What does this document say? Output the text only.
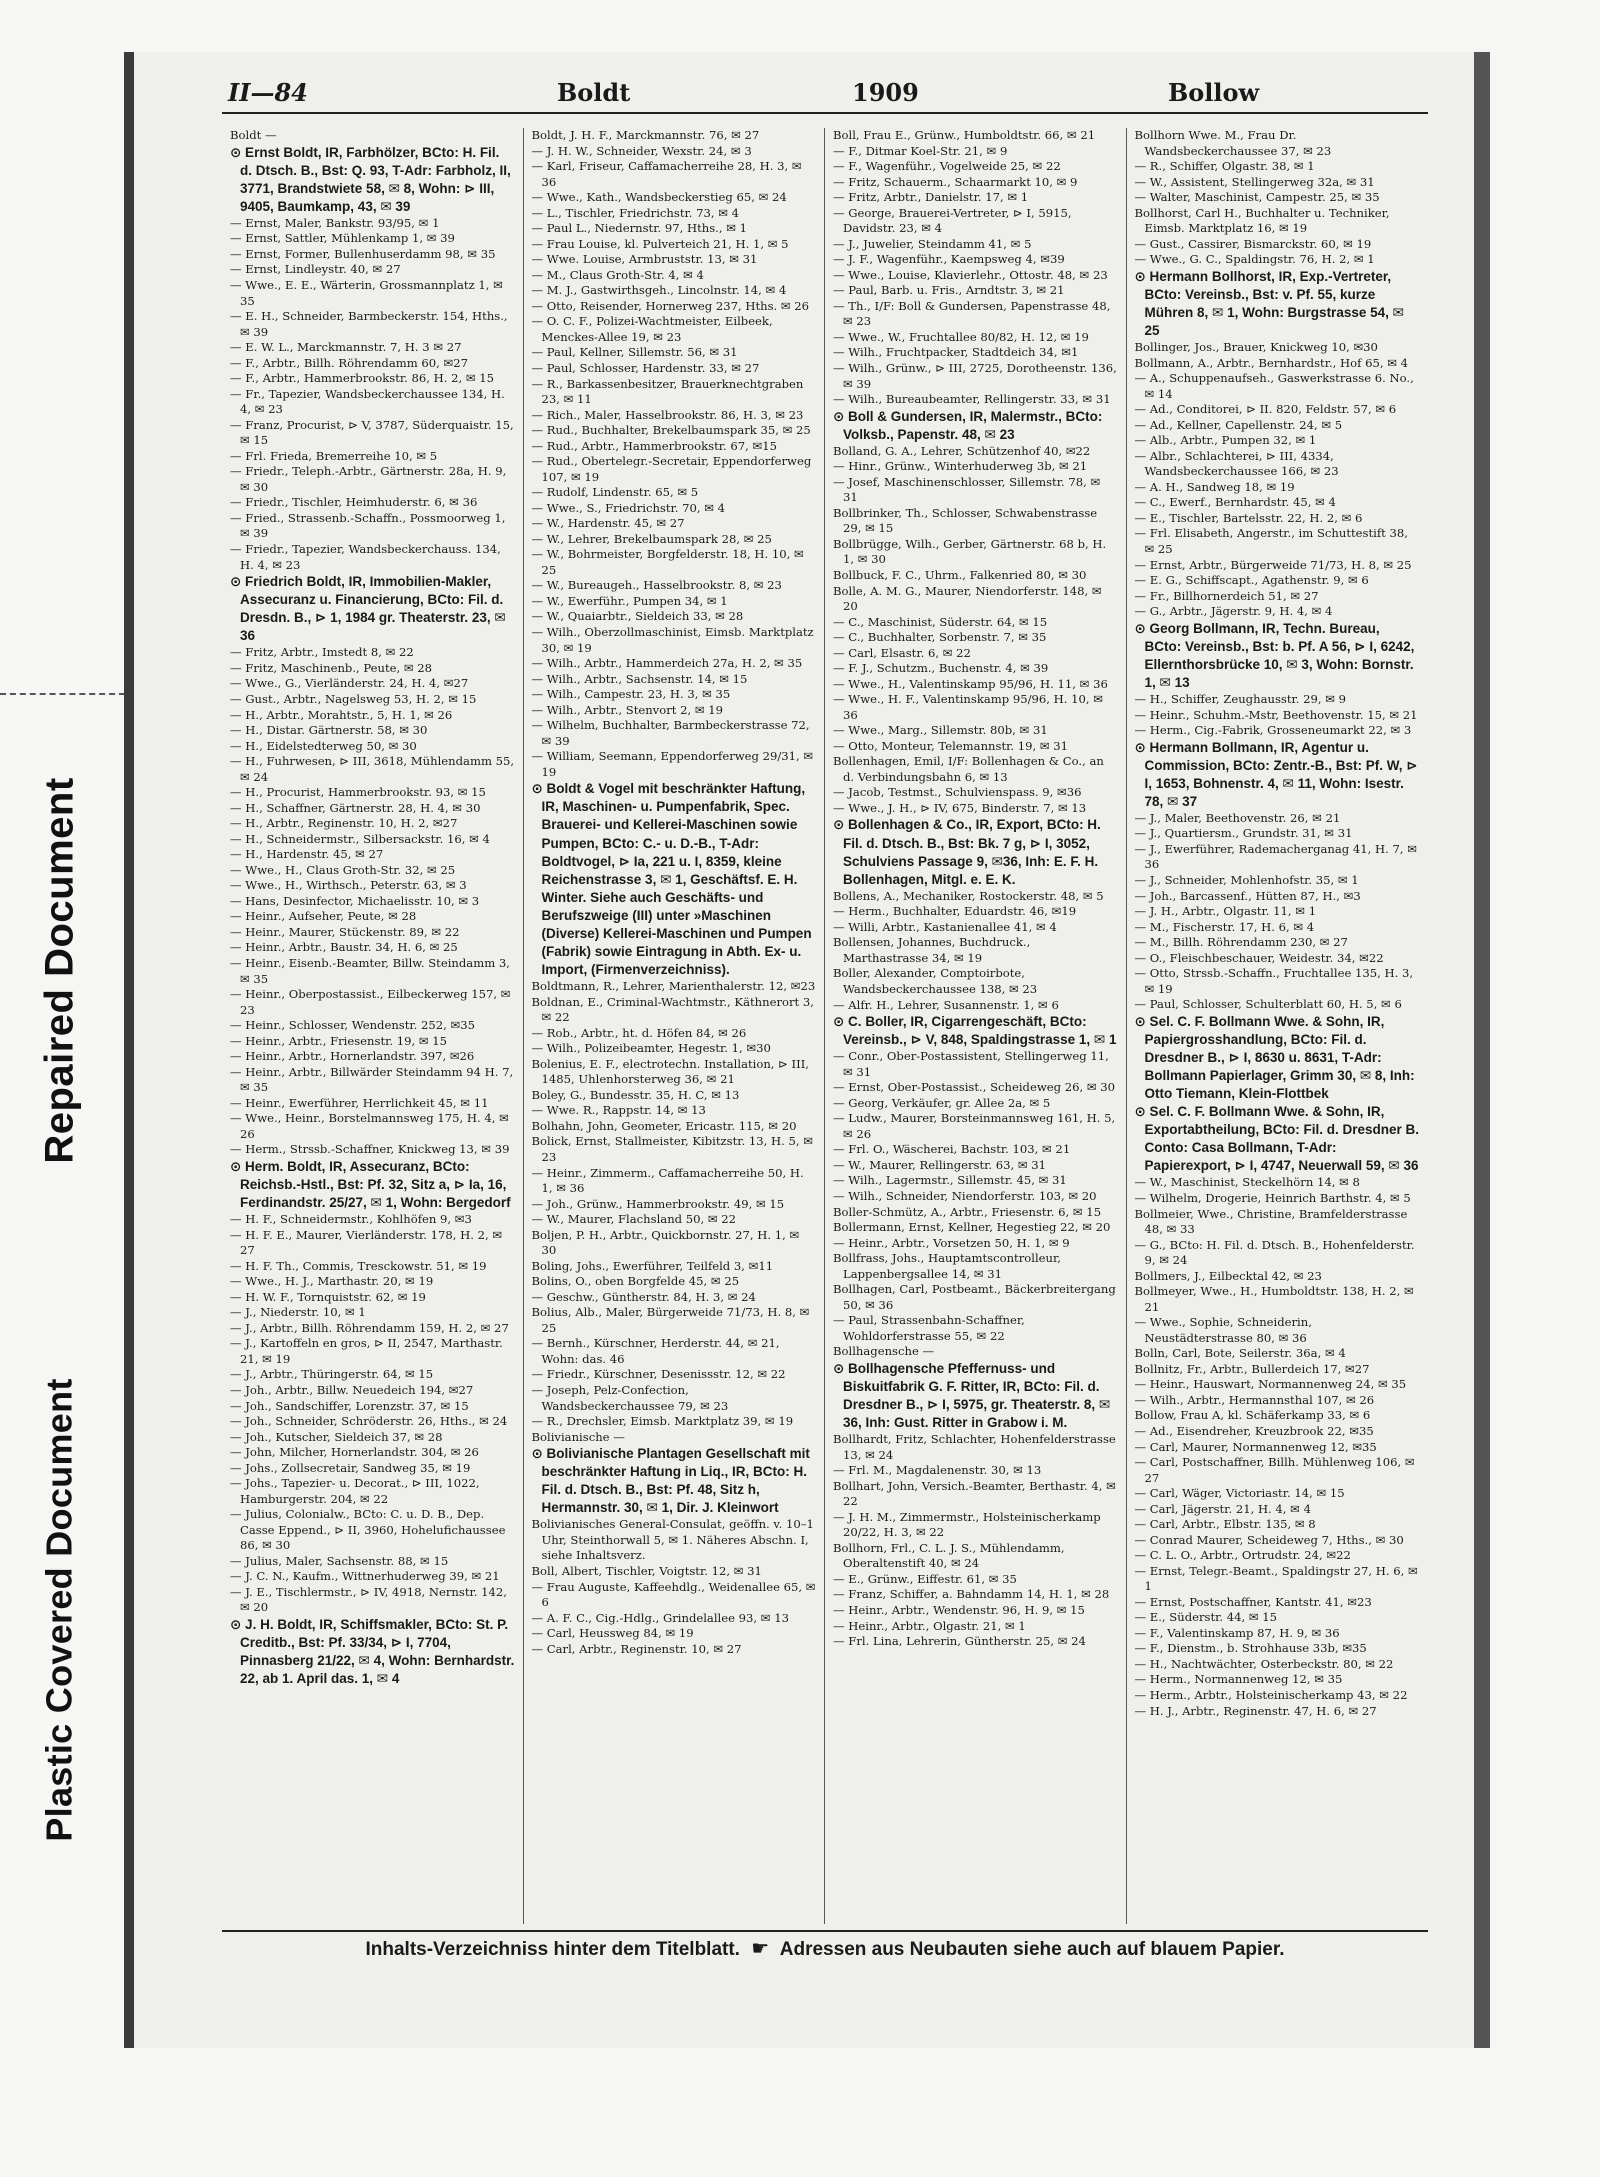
Repaired Document
Plastic Covered Document
II—84	Boldt	1909	Bollow

Boldt —

⊙ Ernst Boldt, IR, Farbhölzer, BCto: H. Fil. d. Dtsch. B., Bst: Q. 93, T-Adr: Farbholz, II, 3771, Brandstwiete 58, ✉ 8, Wohn: ⊳ III, 9405, Baumkamp, 43, ✉ 39

— Ernst, Maler, Bankstr. 93/95, ✉ 1

— Ernst, Sattler, Mühlenkamp 1, ✉ 39

— Ernst, Former, Bullenhuserdamm 98, ✉ 35

— Ernst, Lindleystr. 40, ✉ 27

— Wwe., E. E., Wärterin, Grossmannplatz 1, ✉ 35

— E. H., Schneider, Barmbeckerstr. 154, Hths., ✉ 39

— E. W. L., Marckmannstr. 7, H. 3 ✉ 27

— F., Arbtr., Billh. Röhrendamm 60, ✉27

— F., Arbtr., Hammerbrookstr. 86, H. 2, ✉ 15

— Fr., Tapezier, Wandsbeckerchaussee 134, H. 4, ✉ 23

— Franz, Procurist, ⊳ V, 3787, Süderquaistr. 15, ✉ 15

— Frl. Frieda, Bremerreihe 10, ✉ 5

— Friedr., Teleph.-Arbtr., Gärtnerstr. 28a, H. 9, ✉ 30

— Friedr., Tischler, Heimhuderstr. 6, ✉ 36

— Fried., Strassenb.-Schaffn., Possmoorweg 1, ✉ 39

— Friedr., Tapezier, Wandsbeckerchauss. 134, H. 4, ✉ 23

⊙ Friedrich Boldt, IR, Immobilien-Makler, Assecuranz u. Financierung, BCto: Fil. d. Dresdn. B., ⊳ 1, 1984 gr. Theaterstr. 23, ✉ 36

— Fritz, Arbtr., Imstedt 8, ✉ 22

— Fritz, Maschinenb., Peute, ✉ 28

— Wwe., G., Vierländerstr. 24, H. 4, ✉27

— Gust., Arbtr., Nagelsweg 53, H. 2, ✉ 15

— H., Arbtr., Morahtstr., 5, H. 1, ✉ 26

— H., Distar. Gärtnerstr. 58, ✉ 30

— H., Eidelstedterweg 50, ✉ 30

— H., Fuhrwesen, ⊳ III, 3618, Mühlendamm 55, ✉ 24

— H., Procurist, Hammerbrookstr. 93, ✉ 15

— H., Schaffner, Gärtnerstr. 28, H. 4, ✉ 30

— H., Arbtr., Reginenstr. 10, H. 2, ✉27

— H., Schneidermstr., Silbersackstr. 16, ✉ 4

— H., Hardenstr. 45, ✉ 27

— Wwe., H., Claus Groth-Str. 32, ✉ 25

— Wwe., H., Wirthsch., Peterstr. 63, ✉ 3

— Hans, Desinfector, Michaelisstr. 10, ✉ 3

— Heinr., Aufseher, Peute, ✉ 28

— Heinr., Maurer, Stückenstr. 89, ✉ 22

— Heinr., Arbtr., Baustr. 34, H. 6, ✉ 25

— Heinr., Eisenb.-Beamter, Billw. Steindamm 3, ✉ 35

— Heinr., Oberpostassist., Eilbeckerweg 157, ✉ 23

— Heinr., Schlosser, Wendenstr. 252, ✉35

— Heinr., Arbtr., Friesenstr. 19, ✉ 15

— Heinr., Arbtr., Hornerlandstr. 397, ✉26

— Heinr., Arbtr., Billwärder Steindamm 94 H. 7, ✉ 35

— Heinr., Ewerführer, Herrlichkeit 45, ✉ 11

— Wwe., Heinr., Borstelmannsweg 175, H. 4, ✉ 26

— Herm., Strssb.-Schaffner, Knickweg 13, ✉ 39

⊙ Herm. Boldt, IR, Assecuranz, BCto: Reichsb.-Hstl., Bst: Pf. 32, Sitz a, ⊳ Ia, 16, Ferdinandstr. 25/27, ✉ 1, Wohn: Bergedorf

— H. F., Schneidermstr., Kohlhöfen 9, ✉3

— H. F. E., Maurer, Vierländerstr. 178, H. 2, ✉ 27

— H. F. Th., Commis, Tresckowstr. 51, ✉ 19

— Wwe., H. J., Marthastr. 20, ✉ 19

— H. W. F., Tornquiststr. 62, ✉ 19

— J., Niederstr. 10, ✉ 1

— J., Arbtr., Billh. Röhrendamm 159, H. 2, ✉ 27

— J., Kartoffeln en gros, ⊳ II, 2547, Marthastr. 21, ✉ 19

— J., Arbtr., Thüringerstr. 64, ✉ 15

— Joh., Arbtr., Billw. Neuedeich 194, ✉27

— Joh., Sandschiffer, Lorenzstr. 37, ✉ 15

— Joh., Schneider, Schröderstr. 26, Hths., ✉ 24

— Joh., Kutscher, Sieldeich 37, ✉ 28

— John, Milcher, Hornerlandstr. 304, ✉ 26

— Johs., Zollsecretair, Sandweg 35, ✉ 19

— Johs., Tapezier- u. Decorat., ⊳ III, 1022, Hamburgerstr. 204, ✉ 22

— Julius, Colonialw., BCto: C. u. D. B., Dep. Casse Eppend., ⊳ II, 3960, Hohelufichaussee 86, ✉ 30

— Julius, Maler, Sachsenstr. 88, ✉ 15

— J. C. N., Kaufm., Wittnerhuderweg 39, ✉ 21

— J. E., Tischlermstr., ⊳ IV, 4918, Nernstr. 142, ✉ 20

⊙ J. H. Boldt, IR, Schiffsmakler, BCto: St. P. Creditb., Bst: Pf. 33/34, ⊳ I, 7704, Pinnasberg 21/22, ✉ 4, Wohn: Bernhardstr. 22, ab 1. April das. 1, ✉ 4

Boldt, J. H. F., Marckmannstr. 76, ✉ 27

— J. H. W., Schneider, Wexstr. 24, ✉ 3

— Karl, Friseur, Caffamacherreihe 28, H. 3, ✉ 36

— Wwe., Kath., Wandsbeckerstieg 65, ✉ 24

— L., Tischler, Friedrichstr. 73, ✉ 4

— Paul L., Niedernstr. 97, Hths., ✉ 1

— Frau Louise, kl. Pulverteich 21, H. 1, ✉ 5

— Wwe. Louise, Armbruststr. 13, ✉ 31

— M., Claus Groth-Str. 4, ✉ 4

— M. J., Gastwirthsgeh., Lincolnstr. 14, ✉ 4

— Otto, Reisender, Hornerweg 237, Hths. ✉ 26

— O. C. F., Polizei-Wachtmeister, Eilbeek, Menckes-Allee 19, ✉ 23

— Paul, Kellner, Sillemstr. 56, ✉ 31

— Paul, Schlosser, Hardenstr. 33, ✉ 27

— R., Barkassenbesitzer, Brauerknechtgraben 23, ✉ 11

— Rich., Maler, Hasselbrookstr. 86, H. 3, ✉ 23

— Rud., Buchhalter, Brekelbaumspark 35, ✉ 25

— Rud., Arbtr., Hammerbrookstr. 67, ✉15

— Rud., Obertelegr.-Secretair, Eppendorferweg 107, ✉ 19

— Rudolf, Lindenstr. 65, ✉ 5

— Wwe., S., Friedrichstr. 70, ✉ 4

— W., Hardenstr. 45, ✉ 27

— W., Lehrer, Brekelbaumspark 28, ✉ 25

— W., Bohrmeister, Borgfelderstr. 18, H. 10, ✉ 25

— W., Bureaugeh., Hasselbrookstr. 8, ✉ 23

— W., Ewerführ., Pumpen 34, ✉ 1

— W., Quaiarbtr., Sieldeich 33, ✉ 28

— Wilh., Oberzollmaschinist, Eimsb. Marktplatz 30, ✉ 19

— Wilh., Arbtr., Hammerdeich 27a, H. 2, ✉ 35

— Wilh., Arbtr., Sachsenstr. 14, ✉ 15

— Wilh., Campestr. 23, H. 3, ✉ 35

— Wilh., Arbtr., Stenvort 2, ✉ 19

— Wilhelm, Buchhalter, Barmbeckerstrasse 72, ✉ 39

— William, Seemann, Eppendorferweg 29/31, ✉ 19

⊙ Boldt & Vogel mit beschränkter Haftung, IR, Maschinen- u. Pumpenfabrik, Spec. Brauerei- und Kellerei-Maschinen sowie Pumpen, BCto: C.- u. D.-B., T-Adr: Boldtvogel, ⊳ Ia, 221 u. I, 8359, kleine Reichenstrasse 3, ✉ 1, Geschäftsf. E. H. Winter. Siehe auch Geschäfts- und Berufszweige (III) unter »Maschinen (Diverse) Kellerei-Maschinen und Pumpen (Fabrik) sowie Eintragung in Abth. Ex- u. Import, (Firmenverzeichniss).

Boldtmann, R., Lehrer, Marienthalerstr. 12, ✉23

Boldnan, E., Criminal-Wachtmstr., Käthnerort 3, ✉ 22

— Rob., Arbtr., ht. d. Höfen 84, ✉ 26

— Wilh., Polizeibeamter, Hegestr. 1, ✉30

Bolenius, E. F., electrotechn. Installation, ⊳ III, 1485, Uhlenhorsterweg 36, ✉ 21

Boley, G., Bundesstr. 35, H. C, ✉ 13

— Wwe. R., Rappstr. 14, ✉ 13

Bolhahn, John, Geometer, Ericastr. 115, ✉ 20

Bolick, Ernst, Stallmeister, Kibitzstr. 13, H. 5, ✉ 23

— Heinr., Zimmerm., Caffamacherreihe 50, H. 1, ✉ 36

— Joh., Grünw., Hammerbrookstr. 49, ✉ 15

— W., Maurer, Flachsland 50, ✉ 22

Boljen, P. H., Arbtr., Quickbornstr. 27, H. 1, ✉ 30

Boling, Johs., Ewerführer, Teilfeld 3, ✉11

Bolins, O., oben Borgfelde 45, ✉ 25

— Geschw., Güntherstr. 84, H. 3, ✉ 24

Bolius, Alb., Maler, Bürgerweide 71/73, H. 8, ✉ 25

— Bernh., Kürschner, Herderstr. 44, ✉ 21, Wohn: das. 46

— Friedr., Kürschner, Desenissstr. 12, ✉ 22

— Joseph, Pelz-Confection, Wandsbeckerchaussee 79, ✉ 23

— R., Drechsler, Eimsb. Marktplatz 39, ✉ 19

Bolivianische —

⊙ Bolivianische Plantagen Gesellschaft mit beschränkter Haftung in Liq., IR, BCto: H. Fil. d. Dtsch. B., Bst: Pf. 48, Sitz h, Hermannstr. 30, ✉ 1, Dir. J. Kleinwort

Bolivianisches General-Consulat, geöffn. v. 10–1 Uhr, Steinthorwall 5, ✉ 1. Näheres Abschn. I, siehe Inhaltsverz.

Boll, Albert, Tischler, Voigtstr. 12, ✉ 31

— Frau Auguste, Kaffeehdlg., Weidenallee 65, ✉ 6

— A. F. C., Cig.-Hdlg., Grindelallee 93, ✉ 13

— Carl, Heussweg 84, ✉ 19

— Carl, Arbtr., Reginenstr. 10, ✉ 27

Boll, Frau E., Grünw., Humboldtstr. 66, ✉ 21

— F., Ditmar Koel-Str. 21, ✉ 9

— F., Wagenführ., Vogelweide 25, ✉ 22

— Fritz, Schauerm., Schaarmarkt 10, ✉ 9

— Fritz, Arbtr., Danielstr. 17, ✉ 1

— George, Brauerei-Vertreter, ⊳ I, 5915, Davidstr. 23, ✉ 4

— J., Juwelier, Steindamm 41, ✉ 5

— J. F., Wagenführ., Kaempsweg 4, ✉39

— Wwe., Louise, Klavierlehr., Ottostr. 48, ✉ 23

— Paul, Barb. u. Fris., Arndtstr. 3, ✉ 21

— Th., I/F: Boll & Gundersen, Papenstrasse 48, ✉ 23

— Wwe., W., Fruchtallee 80/82, H. 12, ✉ 19

— Wilh., Fruchtpacker, Stadtdeich 34, ✉1

— Wilh., Grünw., ⊳ III, 2725, Dorotheenstr. 136, ✉ 39

— Wilh., Bureaubeamter, Rellingerstr. 33, ✉ 31

⊙ Boll & Gundersen, IR, Malermstr., BCto: Volksb., Papenstr. 48, ✉ 23

Bolland, G. A., Lehrer, Schützenhof 40, ✉22

— Hinr., Grünw., Winterhuderweg 3b, ✉ 21

— Josef, Maschinenschlosser, Sillemstr. 78, ✉ 31

Bollbrinker, Th., Schlosser, Schwabenstrasse 29, ✉ 15

Bollbrügge, Wilh., Gerber, Gärtnerstr. 68 b, H. 1, ✉ 30

Bollbuck, F. C., Uhrm., Falkenried 80, ✉ 30

Bolle, A. M. G., Maurer, Niendorferstr. 148, ✉ 20

— C., Maschinist, Süderstr. 64, ✉ 15

— C., Buchhalter, Sorbenstr. 7, ✉ 35

— Carl, Elsastr. 6, ✉ 22

— F. J., Schutzm., Buchenstr. 4, ✉ 39

— Wwe., H., Valentinskamp 95/96, H. 11, ✉ 36

— Wwe., H. F., Valentinskamp 95/96, H. 10, ✉ 36

— Wwe., Marg., Sillemstr. 80b, ✉ 31

— Otto, Monteur, Telemannstr. 19, ✉ 31

Bollenhagen, Emil, I/F: Bollenhagen & Co., an d. Verbindungsbahn 6, ✉ 13

— Jacob, Testmst., Schulvienspass. 9, ✉36

— Wwe., J. H., ⊳ IV, 675, Binderstr. 7, ✉ 13

⊙ Bollenhagen & Co., IR, Export, BCto: H. Fil. d. Dtsch. B., Bst: Bk. 7 g, ⊳ I, 3052, Schulviens Passage 9, ✉36, Inh: E. F. H. Bollenhagen, Mitgl. e. E. K.

Bollens, A., Mechaniker, Rostockerstr. 48, ✉ 5

— Herm., Buchhalter, Eduardstr. 46, ✉19

— Willi, Arbtr., Kastanienallee 41, ✉ 4

Bollensen, Johannes, Buchdruck., Marthastrasse 34, ✉ 19

Boller, Alexander, Comptoirbote, Wandsbeckerchaussee 138, ✉ 23

— Alfr. H., Lehrer, Susannenstr. 1, ✉ 6

⊙ C. Boller, IR, Cigarrengeschäft, BCto: Vereinsb., ⊳ V, 848, Spaldingstrasse 1, ✉ 1

— Conr., Ober-Postassistent, Stellingerweg 11, ✉ 31

— Ernst, Ober-Postassist., Scheideweg 26, ✉ 30

— Georg, Verkäufer, gr. Allee 2a, ✉ 5

— Ludw., Maurer, Borsteinmannsweg 161, H. 5, ✉ 26

— Frl. O., Wäscherei, Bachstr. 103, ✉ 21

— W., Maurer, Rellingerstr. 63, ✉ 31

— Wilh., Lagermstr., Sillemstr. 45, ✉ 31

— Wilh., Schneider, Niendorferstr. 103, ✉ 20

Boller-Schmütz, A., Arbtr., Friesenstr. 6, ✉ 15

Bollermann, Ernst, Kellner, Hegestieg 22, ✉ 20

— Heinr., Arbtr., Vorsetzen 50, H. 1, ✉ 9

Bollfrass, Johs., Hauptamtscontrolleur, Lappenbergsallee 14, ✉ 31

Bollhagen, Carl, Postbeamt., Bäckerbreitergang 50, ✉ 36

— Paul, Strassenbahn-Schaffner, Wohldorferstrasse 55, ✉ 22

Bollhagensche —

⊙ Bollhagensche Pfeffernuss- und Biskuitfabrik G. F. Ritter, IR, BCto: Fil. d. Dresdner B., ⊳ I, 5975, gr. Theaterstr. 8, ✉ 36, Inh: Gust. Ritter in Grabow i. M.

Bollhardt, Fritz, Schlachter, Hohenfelderstrasse 13, ✉ 24

— Frl. M., Magdalenenstr. 30, ✉ 13

Bollhart, John, Versich.-Beamter, Berthastr. 4, ✉ 22

— J. H. M., Zimmermstr., Holsteinischerkamp 20/22, H. 3, ✉ 22

Bollhorn, Frl., C. L. J. S., Mühlendamm, Oberaltenstift 40, ✉ 24

— E., Grünw., Eiffestr. 61, ✉ 35

— Franz, Schiffer, a. Bahndamm 14, H. 1, ✉ 28

— Heinr., Arbtr., Wendenstr. 96, H. 9, ✉ 15

— Heinr., Arbtr., Olgastr. 21, ✉ 1

— Frl. Lina, Lehrerin, Güntherstr. 25, ✉ 24

Bollhorn Wwe. M., Frau Dr. Wandsbeckerchaussee 37, ✉ 23

— R., Schiffer, Olgastr. 38, ✉ 1

— W., Assistent, Stellingerweg 32a, ✉ 31

— Walter, Maschinist, Campestr. 25, ✉ 35

Bollhorst, Carl H., Buchhalter u. Techniker, Eimsb. Marktplatz 16, ✉ 19

— Gust., Cassirer, Bismarckstr. 60, ✉ 19

— Wwe., G. C., Spaldingstr. 76, H. 2, ✉ 1

⊙ Hermann Bollhorst, IR, Exp.-Vertreter, BCto: Vereinsb., Bst: v. Pf. 55, kurze Mühren 8, ✉ 1, Wohn: Burgstrasse 54, ✉ 25

Bollinger, Jos., Brauer, Knickweg 10, ✉30

Bollmann, A., Arbtr., Bernhardstr., Hof 65, ✉ 4

— A., Schuppenaufseh., Gaswerkstrasse 6. No., ✉ 14

— Ad., Conditorei, ⊳ II. 820, Feldstr. 57, ✉ 6

— Ad., Kellner, Capellenstr. 24, ✉ 5

— Alb., Arbtr., Pumpen 32, ✉ 1

— Albr., Schlachterei, ⊳ III, 4334, Wandsbeckerchaussee 166, ✉ 23

— A. H., Sandweg 18, ✉ 19

— C., Ewerf., Bernhardstr. 45, ✉ 4

— E., Tischler, Bartelsstr. 22, H. 2, ✉ 6

— Frl. Elisabeth, Angerstr., im Schuttestift 38, ✉ 25

— Ernst, Arbtr., Bürgerweide 71/73, H. 8, ✉ 25

— E. G., Schiffscapt., Agathenstr. 9, ✉ 6

— Fr., Billhornerdeich 51, ✉ 27

— G., Arbtr., Jägerstr. 9, H. 4, ✉ 4

⊙ Georg Bollmann, IR, Techn. Bureau, BCto: Vereinsb., Bst: b. Pf. A 56, ⊳ I, 6242, Ellernthorsbrücke 10, ✉ 3, Wohn: Bornstr. 1, ✉ 13

— H., Schiffer, Zeughausstr. 29, ✉ 9

— Heinr., Schuhm.-Mstr, Beethovenstr. 15, ✉ 21

— Herm., Cig.-Fabrik, Grosseneumarkt 22, ✉ 3

⊙ Hermann Bollmann, IR, Agentur u. Commission, BCto: Zentr.-B., Bst: Pf. W, ⊳ I, 1653, Bohnenstr. 4, ✉ 11, Wohn: Isestr. 78, ✉ 37

— J., Maler, Beethovenstr. 26, ✉ 21

— J., Quartiersm., Grundstr. 31, ✉ 31

— J., Ewerführer, Rademacherganag 41, H. 7, ✉ 36

— J., Schneider, Mohlenhofstr. 35, ✉ 1

— Joh., Barcassenf., Hütten 87, H., ✉3

— J. H., Arbtr., Olgastr. 11, ✉ 1

— M., Fischerstr. 17, H. 6, ✉ 4

— M., Billh. Röhrendamm 230, ✉ 27

— O., Fleischbeschauer, Weidestr. 34, ✉22

— Otto, Strssb.-Schaffn., Fruchtallee 135, H. 3, ✉ 19

— Paul, Schlosser, Schulterblatt 60, H. 5, ✉ 6

⊙ Sel. C. F. Bollmann Wwe. & Sohn, IR, Papiergrosshandlung, BCto: Fil. d. Dresdner B., ⊳ I, 8630 u. 8631, T-Adr: Bollmann Papierlager, Grimm 30, ✉ 8, Inh: Otto Tiemann, Klein-Flottbek

⊙ Sel. C. F. Bollmann Wwe. & Sohn, IR, Exportabtheilung, BCto: Fil. d. Dresdner B. Conto: Casa Bollmann, T-Adr: Papierexport, ⊳ I, 4747, Neuerwall 59, ✉ 36

— W., Maschinist, Steckelhörn 14, ✉ 8

— Wilhelm, Drogerie, Heinrich Barthstr. 4, ✉ 5

Bollmeier, Wwe., Christine, Bramfelderstrasse 48, ✉ 33

— G., BCto: H. Fil. d. Dtsch. B., Hohenfelderstr. 9, ✉ 24

Bollmers, J., Eilbecktal 42, ✉ 23

Bollmeyer, Wwe., H., Humboldtstr. 138, H. 2, ✉ 21

— Wwe., Sophie, Schneiderin, Neustädterstrasse 80, ✉ 36

Bolln, Carl, Bote, Seilerstr. 36a, ✉ 4

Bollnitz, Fr., Arbtr., Bullerdeich 17, ✉27

— Heinr., Hauswart, Normannenweg 24, ✉ 35

— Wilh., Arbtr., Hermannsthal 107, ✉ 26

Bollow, Frau A, kl. Schäferkamp 33, ✉ 6

— Ad., Eisendreher, Kreuzbrook 22, ✉35

— Carl, Maurer, Normannenweg 12, ✉35

— Carl, Postschaffner, Billh. Mühlenweg 106, ✉ 27

— Carl, Wäger, Victoriastr. 14, ✉ 15

— Carl, Jägerstr. 21, H. 4, ✉ 4

— Carl, Arbtr., Elbstr. 135, ✉ 8

— Conrad Maurer, Scheideweg 7, Hths., ✉ 30

— C. L. O., Arbtr., Ortrudstr. 24, ✉22

— Ernst, Telegr.-Beamt., Spaldingstr 27, H. 6, ✉ 1

— Ernst, Postschaffner, Kantstr. 41, ✉23

— E., Süderstr. 44, ✉ 15

— F., Valentinskamp 87, H. 9, ✉ 36

— F., Dienstm., b. Strohhause 33b, ✉35

— H., Nachtwächter, Osterbeckstr. 80, ✉ 22

— Herm., Normannenweg 12, ✉ 35

— Herm., Arbtr., Holsteinischerkamp 43, ✉ 22

— H. J., Arbtr., Reginenstr. 47, H. 6, ✉ 27

Inhalts-Verzeichniss hinter dem Titelblatt. ☛ Adressen aus Neubauten siehe auch auf blauem Papier.
